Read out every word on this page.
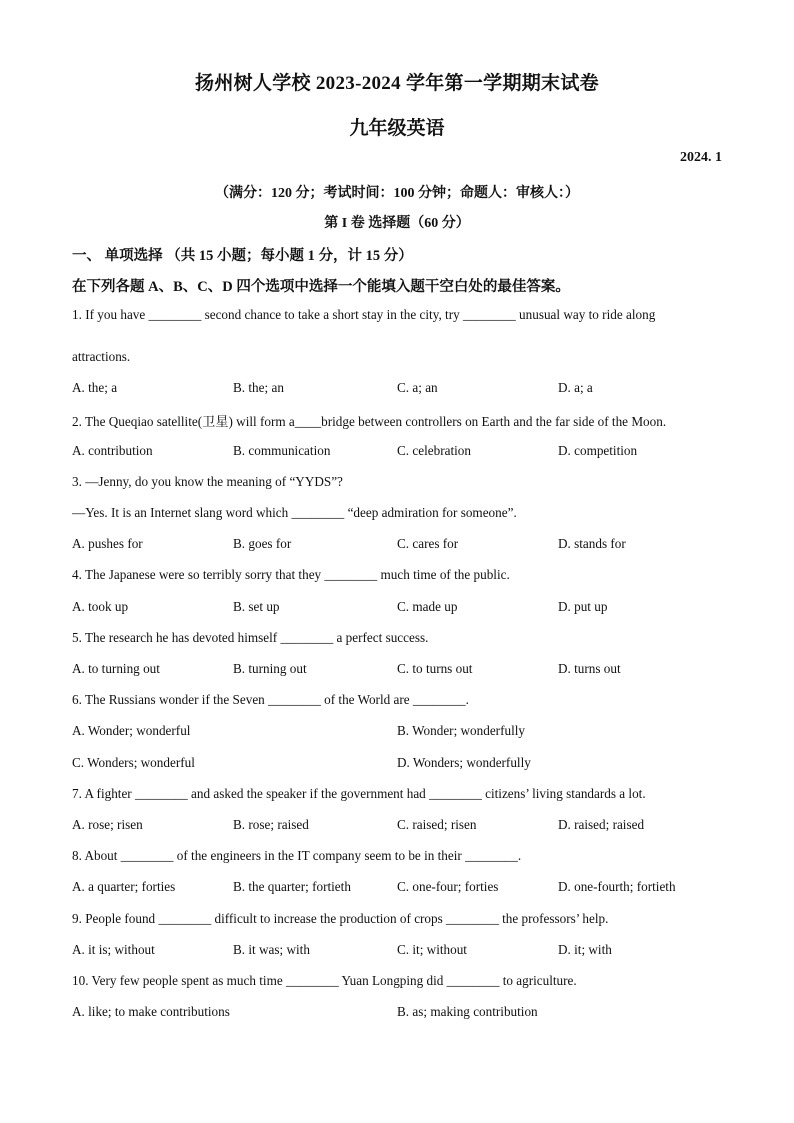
扬州树人学校 2023-2024 学年第一学期期末试卷
九年级英语
2024. 1
（满分：120 分；考试时间：100 分钟；命题人：审核人：）
第 I 卷 选择题（60 分）
一、 单项选择 （共 15 小题；每小题 1 分，计 15 分）
在下列各题 A、B、C、D 四个选项中选择一个能填入题干空白处的最佳答案。
1. If you have ________ second chance to take a short stay in the city, try ________ unusual way to ride along
attractions.
A. the; a	B. the; an	C. a; an	D. a; a
2. The Queqiao satellite(卫星) will form a____bridge between controllers on Earth and the far side of the Moon.
A. contribution	B. communication	C. celebration	D. competition
3. —Jenny, do you know the meaning of “YYDS”?
—Yes. It is an Internet slang word which ________ “deep admiration for someone”.
A. pushes for	B. goes for	C. cares for	D. stands for
4. The Japanese were so terribly sorry that they ________ much time of the public.
A. took up	B. set up	C. made up	D. put up
5. The research he has devoted himself ________ a perfect success.
A. to turning out	B. turning out	C. to turns out	D. turns out
6. The Russians wonder if the Seven ________ of the World are ________.
A. Wonder; wonderful	B. Wonder; wonderfully
C. Wonders; wonderful	D. Wonders; wonderfully
7. A fighter ________ and asked the speaker if the government had ________ citizens’ living standards a lot.
A. rose; risen	B. rose; raised	C. raised; risen	D. raised; raised
8. About ________ of the engineers in the IT company seem to be in their ________.
A. a quarter; forties	B. the quarter; fortieth	C. one-four; forties	D. one-fourth; fortieth
9. People found ________ difficult to increase the production of crops ________ the professors’ help.
A. it is; without	B. it was; with	C. it; without	D. it; with
10. Very few people spent as much time ________ Yuan Longping did ________ to agriculture.
A. like; to make contributions	B. as; making contribution
